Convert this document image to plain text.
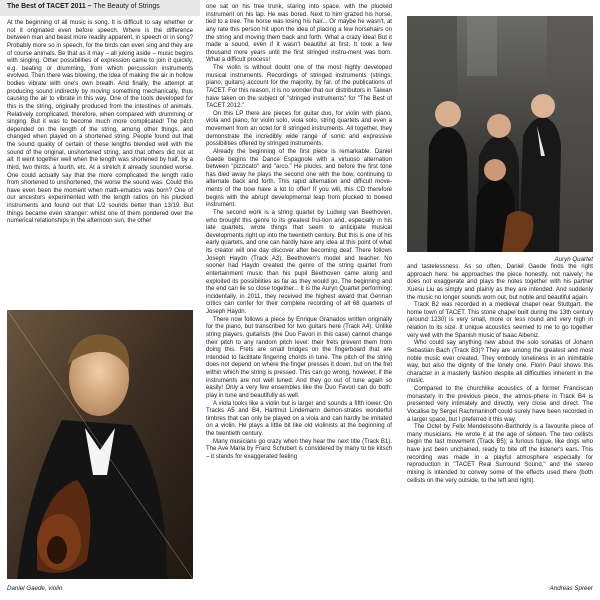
The Best of TACET 2011 – The Beauty of Strings

At the beginning of all music is song. It is difficult to say whether or not it originated even before speech. Where is the difference between man and beast more readily apparent, in speech or in song? Probably more so in speech, for the birds can even sing and they are of course animals. Be that as it may – all joking aside – music begins with singing. Other possibilities of expression came to join it quickly, e.g. beating or drumming, from which percussion instruments evolved. Then there was blowing, the idea of making the air in hollow bodies vibrate with one's own breath. And finally, the attempt at producing sound indirectly by moving something mechanically, thus causing the air to vibrate in this way. One of the tools developed for this is the string, originally produced from the intestines of animals. Relatively complicated, therefore, when compared with drumming or singing. But it was to become much more complicated! The pitch depended on the length of the string, among other things, and changed when played on a shortened string. People found out that the sound quality of certain of these lengths blended well with the sound of the original, unshortened string, and that others did not at all. It went together well when the length was shortened by half, by a third, two thirds, a fourth, etc. At a stretch it already sounded worse. One could actually say that the more complicated the length ratio from shortened to unshortened, the worse the sound was. Could this have even been the moment when math-ematics was born? One of our ancestors experimented with the length ratios on his plucked instruments and found out that 1/2 sounds better than 13/19. But things became even stranger: whilst one of them pondered over the numerical relationships in the afternoon sun, the other

Daniel Gaede, violin

one sat on his tree trunk, staring into space, with the plucked instrument on his lap. He was bored. Next to him grazed his horse, tied to a tree. The horse was losing his hair... Or maybe he wasn't, at any rate this person hit upon the idea of placing a few horsehairs on the string and moving them back and forth. What a crazy idea! But it made a sound, even if it wasn't beautiful at first. It took a few thousand more years until the first stringed instru-ment was born. What a difficult process!

The violin is without doubt one of the most highly developed musical instruments. Recordings of stringed instruments (strings, piano, guitars) account for the majority, by far, of the publications of TACET. For this reason, it is no wonder that our distributors in Taiwan have taken on the subject of "stringed instruments" for "The Best of TACET 2012."

On this LP there are pieces for guitar duo, for violin with piano, viola and piano, for violin solo, viola solo, string quartets and even a movement from an octet for 8 stringed instruments. All together, they demonstrate the incredibly wide range of sonic and expressive possibilities offered by stringed instruments.

Already the beginning of the first piece is remarkable. Daniel Gaede begins the Dance Espagnole with a virtuoso alternation between "pizzicato" and "arco." He plucks, and before the first tone has died away he plays the second one with the bow, continuing to alternate back and forth. This rapid alternation and difficult move-ments of the bow have a lot to offer! If you will, this CD therefore begins with the abrupt developmental leap from plucked to bowed instrument.

The second work is a string quartet by Ludwig van Beethoven, who brought this genre to its greatest frui-tion and, especially in his late quartets, wrote things that seem to anticipate musical developments right up into the twentieth century. But this is one of his early quartets, and one can hardly have any idea at this point of what its creator will one day discover after becoming deaf. There follows Joseph Haydn (Track A3), Beethoven's model and teacher. No sooner had Haydn created the genre of the string quartet from entertainment music than his pupil Beethoven came along and exploited its possibilities as far as they would go. The beginning and the end can lie so close together... It is the Auryn Quartet performing; incidentally, in 2011, they received the highest award that German critics can confer for their complete recording of all 68 quartets of Joseph Haydn.

There now follows a piece by Enrique Granados written originally for the piano, but transcribed for two guitars here (Track A4). Unlike string players, guitarists (the Duo Favori in this case) cannot change their pitch to any random pitch level: their frets prevent them from doing this. Frets are small bridges on the fingerboard that are intended to facilitate fingering chords in tune. The pitch of the string does not depend on where the finger presses it down, but on the fret within which the string is pressed. This can go wrong, however, if the instruments are not well tuned. And they go out of tune again so easily! Only a very few ensembles like the Duo Favori can do both: play in tune and beautifully as well.

A viola looks like a violin but is larger and sounds a fifth lower. On Tracks A5 and B4, Hartmut Lindemann demon-strates wonderful timbres that can only be played on a viola and can hardly be imitated on a violin. He plays a little bit like old violinists at the beginning of the twentieth century.

Many musicians go crazy when they hear the next title (Track B1). The Ave Maria by Franz Schubert is considered by many to be kitsch – it stands for exaggerated feeling

Auryn Quartet

and tastelessness. As so often, Daniel Gaede finds the right approach here: he approaches the piece honestly, not naively; he does not exaggerate and plays the notes together with his partner Xuesu Liu as simply and plainly as they are intended. And suddenly the music no longer sounds worn out, but noble and beautiful again.

Track B2 was recorded in a medieval chapel near Stuttgart, the home town of TACET. This stone chapel built during the 13th century (around 1230) is very small, more or less round and very high in relation to its size. It unique acoustics seemed to me to go together very well with the Spanish music of Isaac Albeniz.

Who could say anything new about the solo sonatas of Johann Sebastian Bach (Track B3)? They are among the greatest and most noble music ever created. They embody loneliness in an inimitable way, but also the dignity of the lonely one. Florin Paul shows this character in a masterly fashion despite all difficulties inherent in the music.

Compared to the churchlike acoustics of a former Franciscan monastery in the previous piece, the atmos-phere in Track B4 is presented very intimately and directly, very close and direct. The Vocalise by Sergei Rachmaninoff could surely have been recorded in a larger space, but I preferred it this way.

The Octet by Felix Mendelssohn-Bartholdy is a favourite piece of many musicians. He wrote it at the age of sixteen. The two cellists begin the last movement (Track B5); a furious fugue, like dogs who have just been unchained, ready to bite off the listener's ears. This recording was made in a playful atmosphere especially for reproduction in "TACET Real Surround Sound," and the stereo mixing is intended to convey some of the effects used there (both cellists on the very outside, to the left and right).

Andreas Spreer
